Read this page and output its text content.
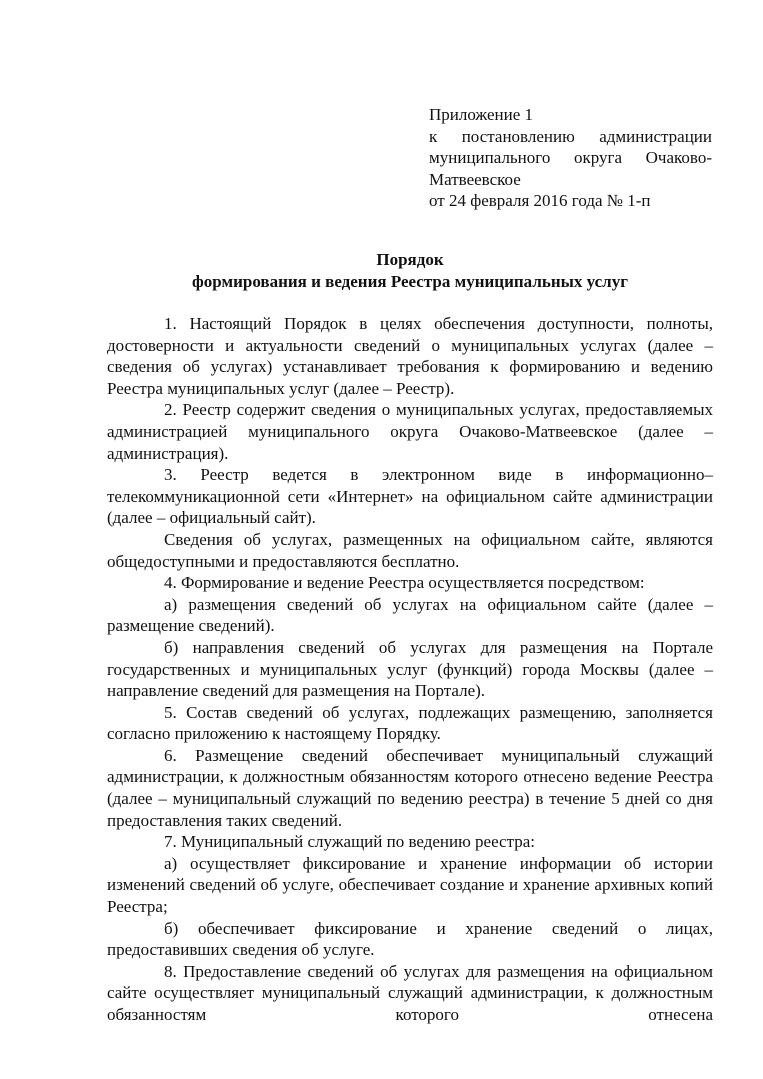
Приложение 1
к постановлению администрации муниципального округа Очаково-Матвеевское
от 24 февраля 2016 года № 1-п
Порядок
формирования и ведения Реестра муниципальных услуг

1. Настоящий Порядок в целях обеспечения доступности, полноты, достоверности и актуальности сведений о муниципальных услугах (далее – сведения об услугах) устанавливает требования к формированию и ведению Реестра муниципальных услуг (далее – Реестр).

2. Реестр содержит сведения о муниципальных услугах, предоставляемых администрацией муниципального округа Очаково-Матвеевское (далее – администрация).

3. Реестр ведется в электронном виде в информационно–телекоммуникационной сети «Интернет» на официальном сайте администрации (далее – официальный сайт).

Сведения об услугах, размещенных на официальном сайте, являются общедоступными и предоставляются бесплатно.

4. Формирование и ведение Реестра осуществляется посредством:

а) размещения сведений об услугах на официальном сайте (далее – размещение сведений).

б) направления сведений об услугах для размещения на Портале государственных и муниципальных услуг (функций) города Москвы (далее – направление сведений для размещения на Портале).

5. Состав сведений об услугах, подлежащих размещению, заполняется согласно приложению к настоящему Порядку.

6. Размещение сведений обеспечивает муниципальный служащий администрации, к должностным обязанностям которого отнесено ведение Реестра (далее – муниципальный служащий по ведению реестра) в течение 5 дней со дня предоставления таких сведений.

7. Муниципальный служащий по ведению реестра:

а) осуществляет фиксирование и хранение информации об истории изменений сведений об услуге, обеспечивает создание и хранение архивных копий Реестра;

б) обеспечивает фиксирование и хранение сведений о лицах, предоставивших сведения об услуге.

8. Предоставление сведений об услугах для размещения на официальном сайте осуществляет муниципальный служащий администрации, к должностным обязанностям которого отнесена
